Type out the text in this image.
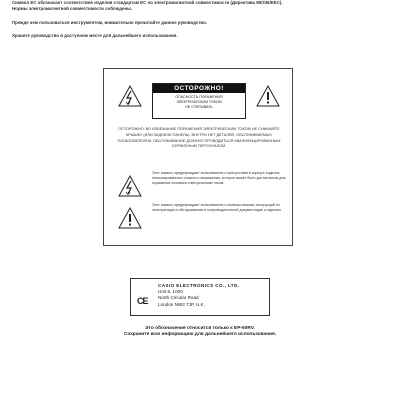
Символ ЕС обозначает соответствие изделия стандартам ЕС по электромагнитной совместимости (Директива 89/336/EEC).

Нормы электромагнитной совместимости соблюдены.

Прежде чем пользоваться инструментом, внимательно прочитайте данное руководство.

Храните руководство в доступном месте для дальнейшего использования.

ОСТОРОЖНО!
ОПАСНОСТЬ ПОРАЖЕНИЯ
ЭЛЕКТРИЧЕСКИМ ТОКОМ
НЕ ОТКРЫВАТЬ
ОСТОРОЖНО: ВО ИЗБЕЖАНИЕ ПОРАЖЕНИЯ ЭЛЕКТРИЧЕСКИМ ТОКОМ НЕ СНИМАЙТЕ КРЫШКУ (ИЛИ ЗАДНЮЮ ПАНЕЛЬ). ВНУТРИ НЕТ ДЕТАЛЕЙ, ОБСЛУЖИВАЕМЫХ ПОЛЬЗОВАТЕЛЕМ. ОБСЛУЖИВАНИЕ ДОЛЖНО ПРОВОДИТЬСЯ КВАЛИФИЦИРОВАННЫМ СЕРВИСНЫМ ПЕРСОНАЛОМ.

Этот символ предупреждает пользователя о присутствии в корпусе изделия неизолированного опасного напряжения, которое может быть достаточным для поражения человека электрическим током.

Этот символ предупреждает пользователя о наличии важных инструкций по эксплуатации и обслуживанию в сопроводительной документации к изделию.

CE
CASIO ELECTRONICS CO., LTD.
Unit 6, 1000
North Circular Road
London NW2 7JP, U.K.
Это обозначение относится только к EP-60RV.
Сохраните всю информацию для дальнейшего использования.
